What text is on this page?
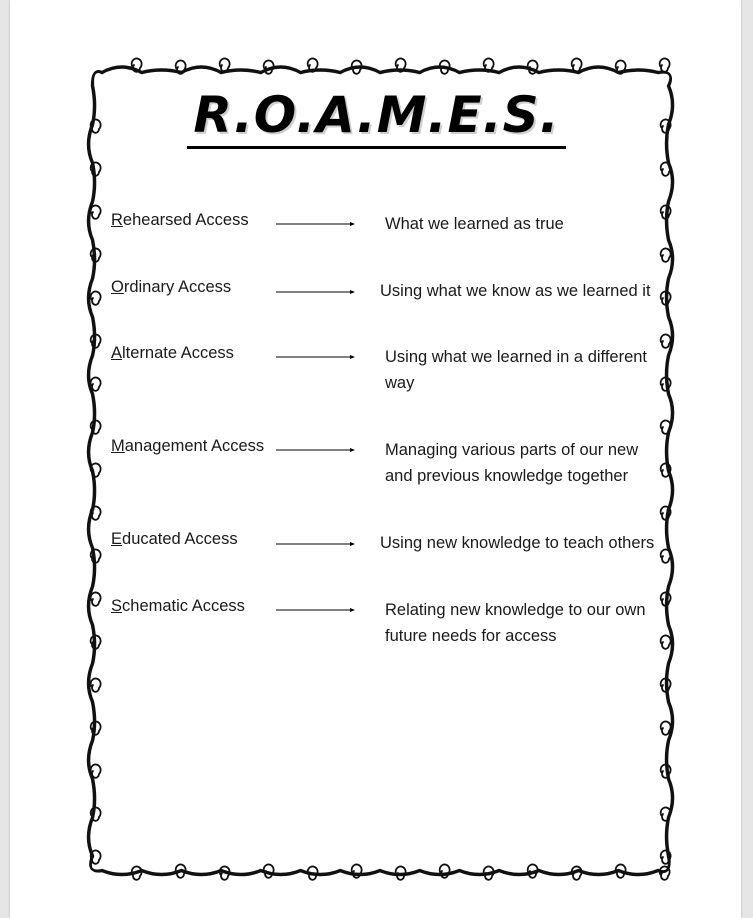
R.O.A.M.E.S.
Rehearsed Access	What we learned as true
Ordinary Access	Using what we know as we learned it
Alternate Access	Using what we learned in a different way
Management Access	Managing various parts of our new and previous knowledge together
Educated Access	Using new knowledge to teach others
Schematic Access	Relating new knowledge to our own future needs for access
